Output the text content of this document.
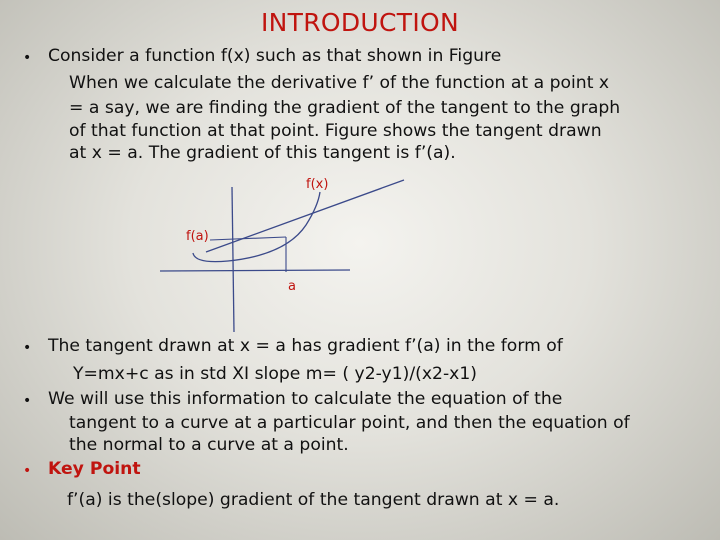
INTRODUCTION
• Consider a function f(x) such as that shown in Figure
When we calculate the derivative f’ of the function at a point x
= a say, we are finding the gradient of the tangent to the graph
of that function at that point. Figure shows the tangent drawn
at x = a. The gradient of this tangent is f’(a).
f(x)
f(a)
a
• The tangent drawn at x = a has gradient f’(a) in the form of
Y=mx+c as in std XI slope m= ( y2-y1)/(x2-x1)
• We will use this information to calculate the equation of the
tangent to a curve at a particular point, and then the equation of
the normal to a curve at a point.
• Key Point
f’(a) is the(slope) gradient of the tangent drawn at x = a.
